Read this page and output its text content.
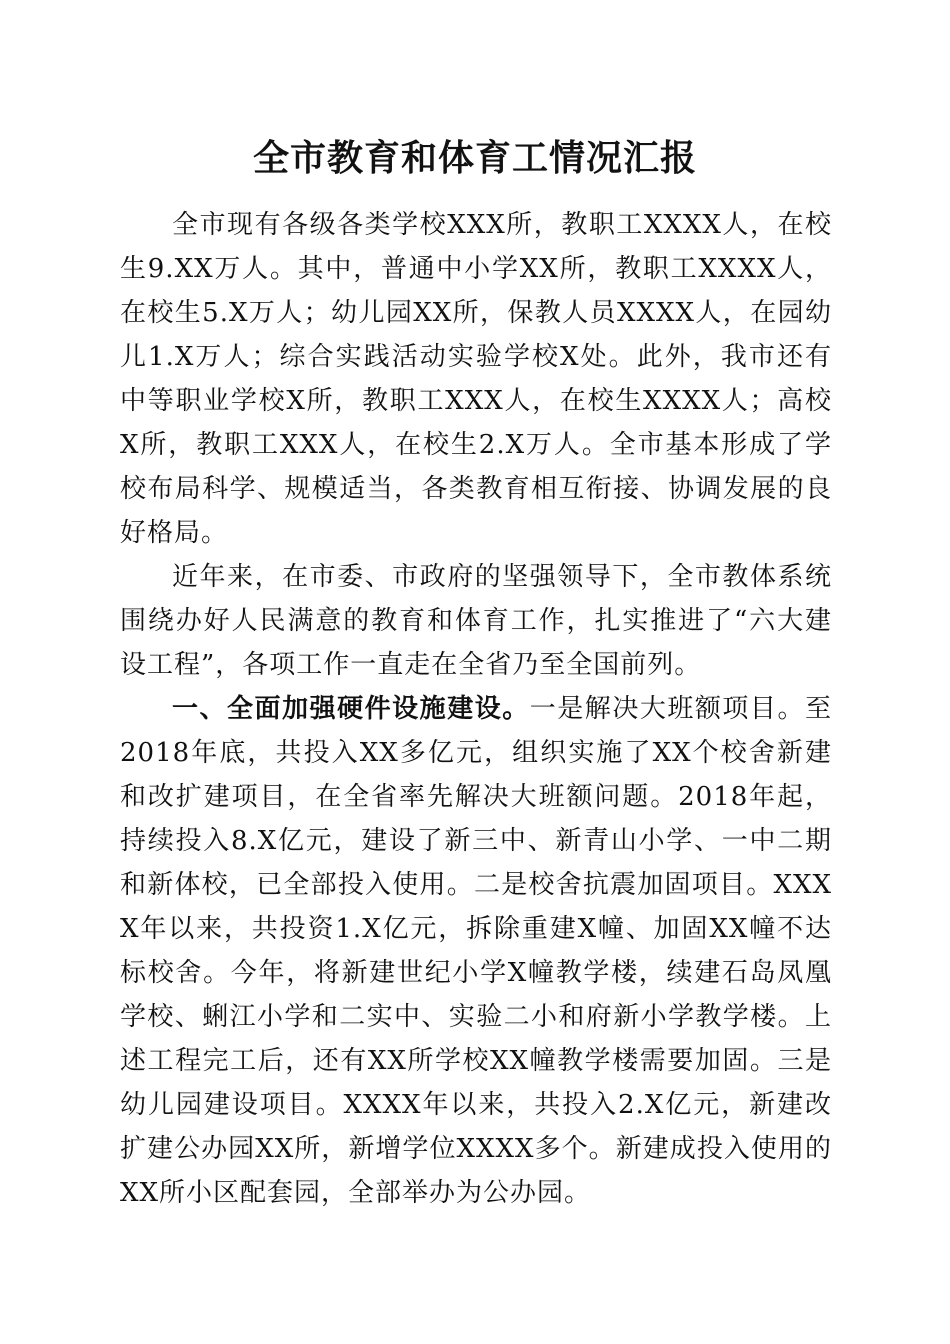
全市教育和体育工情况汇报

全市现有各级各类学校XXX所，教职工XXXX人，在校生9.XX万人。其中，普通中小学XX所，教职工XXXX人，在校生5.X万人；幼儿园XX所，保教人员XXXX人，在园幼儿1.X万人；综合实践活动实验学校X处。此外，我市还有中等职业学校X所，教职工XXX人，在校生XXXX人；高校X所，教职工XXX人，在校生2.X万人。全市基本形成了学校布局科学、规模适当，各类教育相互衔接、协调发展的良好格局。

近年来，在市委、市政府的坚强领导下，全市教体系统围绕办好人民满意的教育和体育工作，扎实推进了“六大建设工程”，各项工作一直走在全省乃至全国前列。

一、全面加强硬件设施建设。一是解决大班额项目。至2018年底，共投入XX多亿元，组织实施了XX个校舍新建和改扩建项目，在全省率先解决大班额问题。2018年起，持续投入8.X亿元，建设了新三中、新青山小学、一中二期和新体校，已全部投入使用。二是校舍抗震加固项目。XXXX年以来，共投资1.X亿元，拆除重建X幢、加固XX幢不达标校舍。今年，将新建世纪小学X幢教学楼，续建石岛凤凰学校、蜊江小学和二实中、实验二小和府新小学教学楼。上述工程完工后，还有XX所学校XX幢教学楼需要加固。三是幼儿园建设项目。XXXX年以来，共投入2.X亿元，新建改扩建公办园XX所，新增学位XXXX多个。新建成投入使用的XX所小区配套园，全部举办为公办园。
